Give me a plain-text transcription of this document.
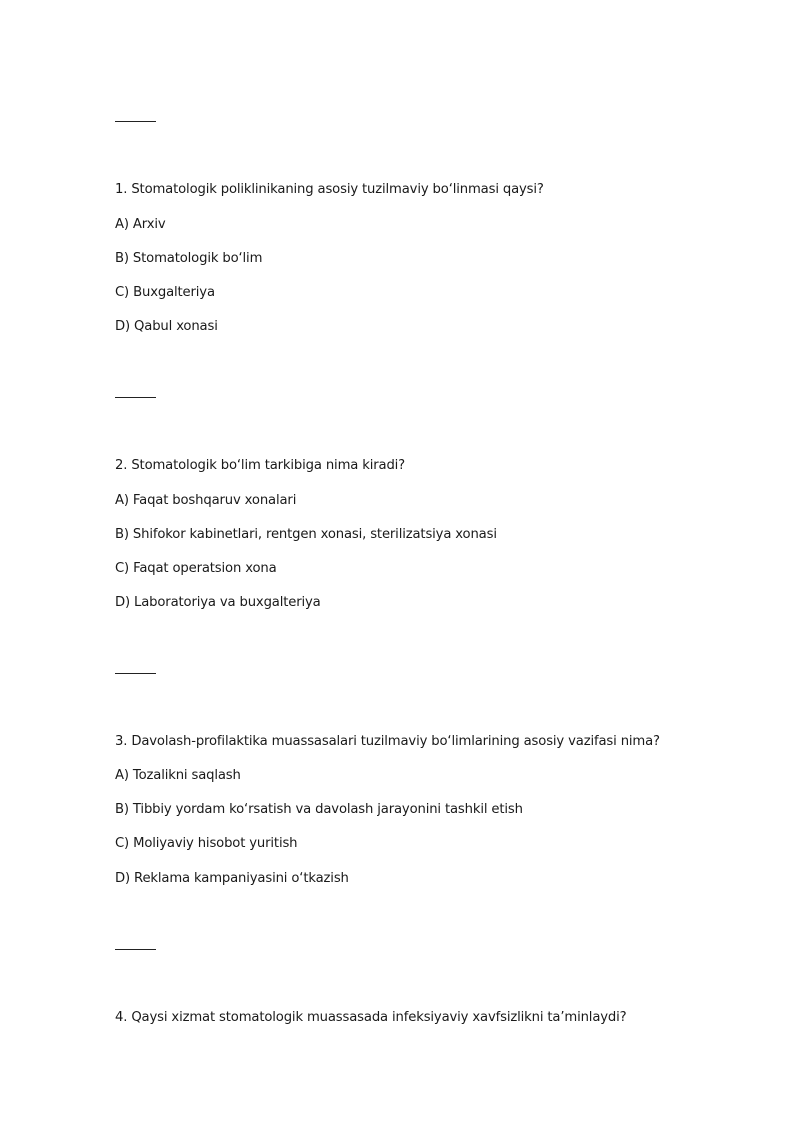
1. Stomatologik poliklinikaning asosiy tuzilmaviy bo‘linmasi qaysi?
A) Arxiv
B) Stomatologik bo‘lim
C) Buxgalteriya
D) Qabul xonasi
2. Stomatologik bo‘lim tarkibiga nima kiradi?
A) Faqat boshqaruv xonalari
B) Shifokor kabinetlari, rentgen xonasi, sterilizatsiya xonasi
C) Faqat operatsion xona
D) Laboratoriya va buxgalteriya
3. Davolash-profilaktika muassasalari tuzilmaviy bo‘limlarining asosiy vazifasi nima?
A) Tozalikni saqlash
B) Tibbiy yordam ko‘rsatish va davolash jarayonini tashkil etish
C) Moliyaviy hisobot yuritish
D) Reklama kampaniyasini o‘tkazish
4. Qaysi xizmat stomatologik muassasada infeksiyaviy xavfsizlikni ta’minlaydi?
